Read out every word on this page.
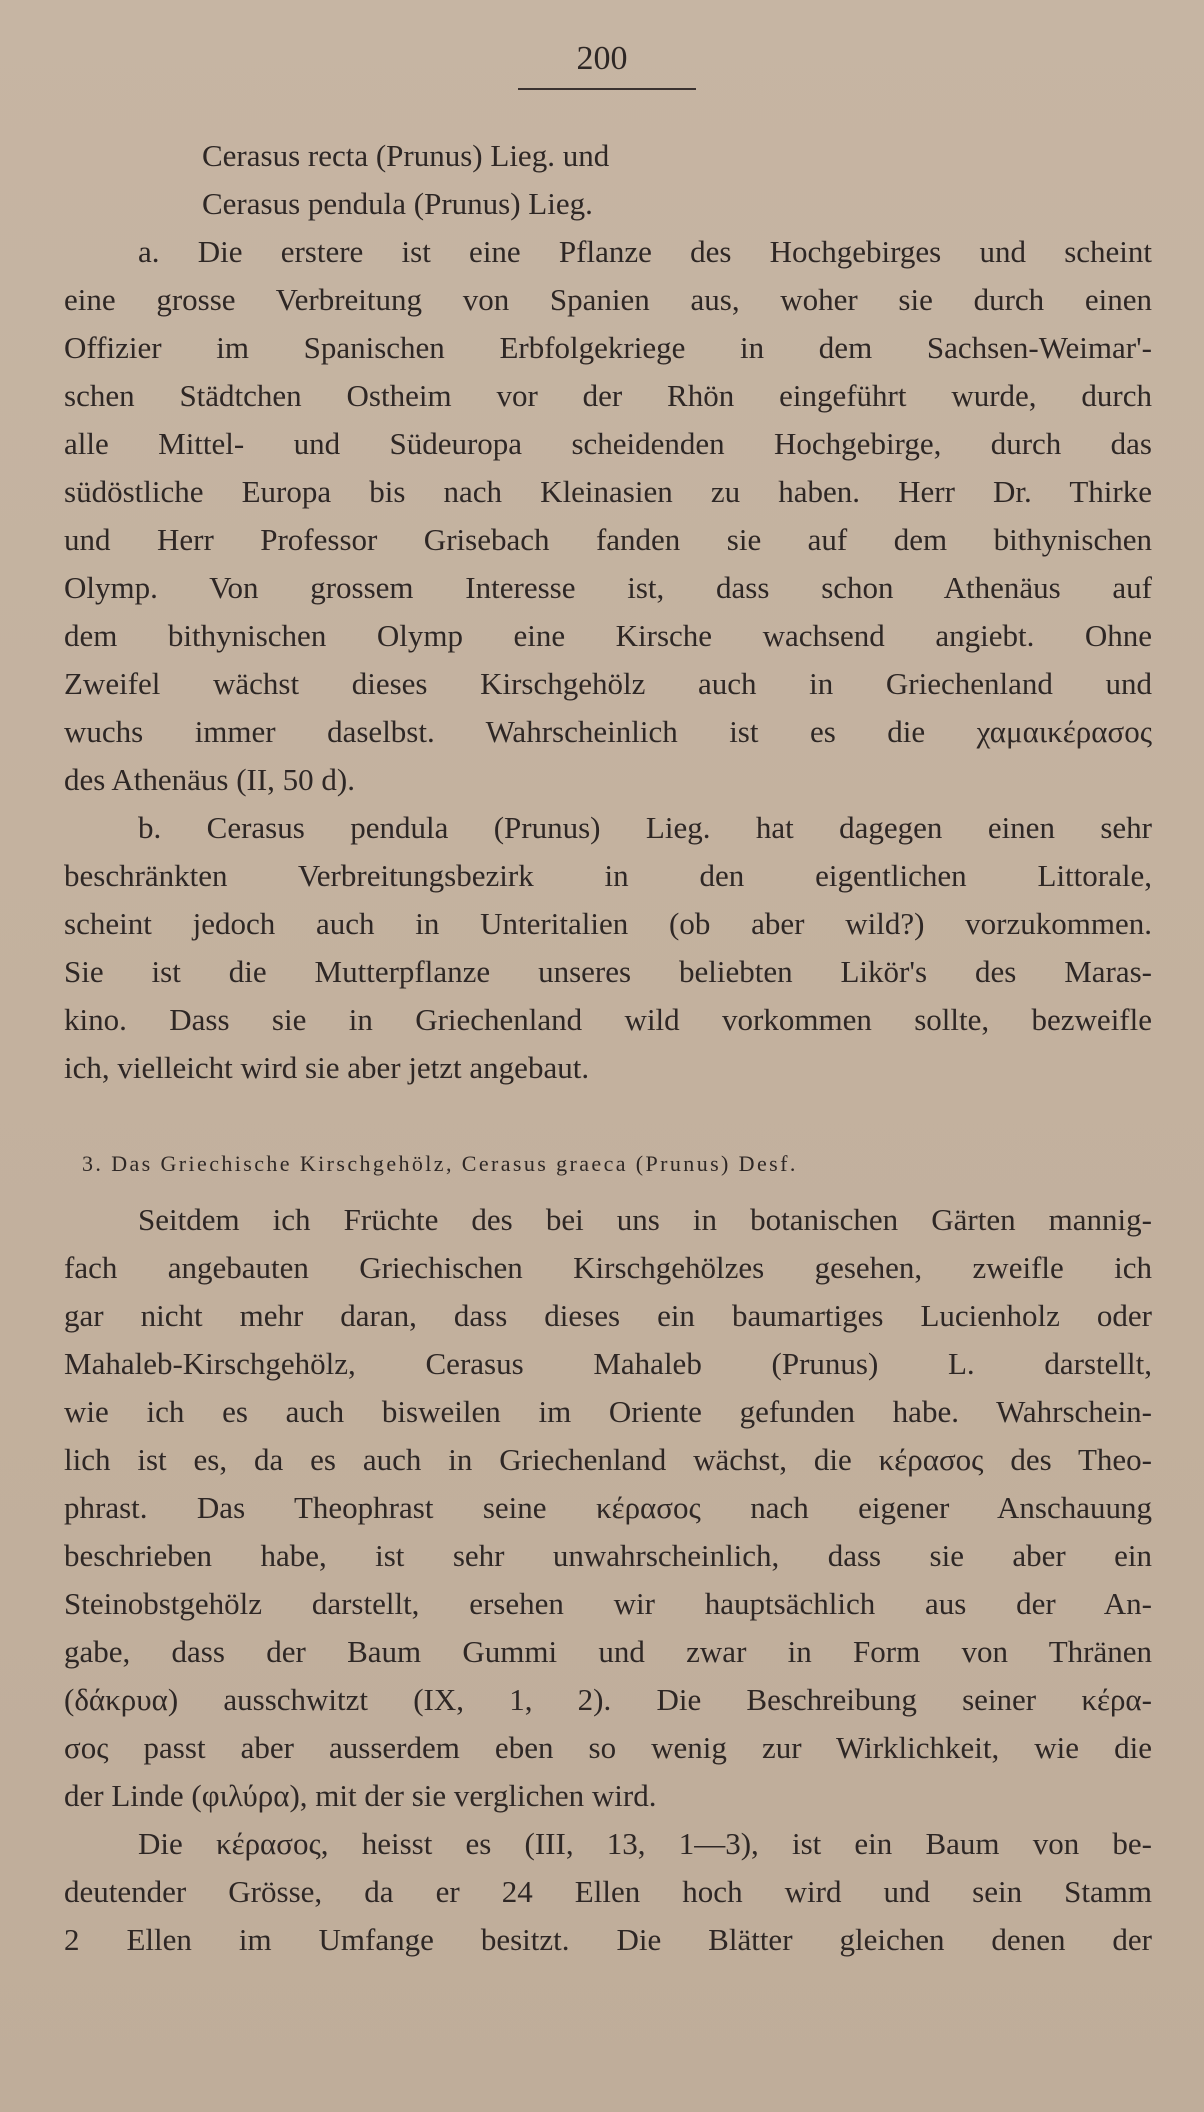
200
Cerasus recta (Prunus) Lieg. und
Cerasus pendula (Prunus) Lieg.
a. Die erstere ist eine Pflanze des Hochgebirges und scheint
eine grosse Verbreitung von Spanien aus, woher sie durch einen
Offizier im Spanischen Erbfolgekriege in dem Sachsen-Weimar'-
schen Städtchen Ostheim vor der Rhön eingeführt wurde, durch
alle Mittel- und Südeuropa scheidenden Hochgebirge, durch das
südöstliche Europa bis nach Kleinasien zu haben. Herr Dr. Thirke
und Herr Professor Grisebach fanden sie auf dem bithynischen
Olymp. Von grossem Interesse ist, dass schon Athenäus auf
dem bithynischen Olymp eine Kirsche wachsend angiebt. Ohne
Zweifel wächst dieses Kirschgehölz auch in Griechenland und
wuchs immer daselbst. Wahrscheinlich ist es die χαμαικέρασος
des Athenäus (II, 50 d).
b. Cerasus pendula (Prunus) Lieg. hat dagegen einen sehr
beschränkten Verbreitungsbezirk in den eigentlichen Littorale,
scheint jedoch auch in Unteritalien (ob aber wild?) vorzukommen.
Sie ist die Mutterpflanze unseres beliebten Likör's des Maras-
kino. Dass sie in Griechenland wild vorkommen sollte, bezweifle
ich, vielleicht wird sie aber jetzt angebaut.
3. Das Griechische Kirschgehölz, Cerasus graeca (Prunus) Desf.
Seitdem ich Früchte des bei uns in botanischen Gärten mannig-
fach angebauten Griechischen Kirschgehölzes gesehen, zweifle ich
gar nicht mehr daran, dass dieses ein baumartiges Lucienholz oder
Mahaleb-Kirschgehölz, Cerasus Mahaleb (Prunus) L. darstellt,
wie ich es auch bisweilen im Oriente gefunden habe. Wahrschein-
lich ist es, da es auch in Griechenland wächst, die κέρασος des Theo-
phrast. Das Theophrast seine κέρασος nach eigener Anschauung
beschrieben habe, ist sehr unwahrscheinlich, dass sie aber ein
Steinobstgehölz darstellt, ersehen wir hauptsächlich aus der An-
gabe, dass der Baum Gummi und zwar in Form von Thränen
(δάκρυα) ausschwitzt (IX, 1, 2). Die Beschreibung seiner κέρα-
σος passt aber ausserdem eben so wenig zur Wirklichkeit, wie die
der Linde (φιλύρα), mit der sie verglichen wird.
Die κέρασος, heisst es (III, 13, 1—3), ist ein Baum von be-
deutender Grösse, da er 24 Ellen hoch wird und sein Stamm
2 Ellen im Umfange besitzt. Die Blätter gleichen denen der
